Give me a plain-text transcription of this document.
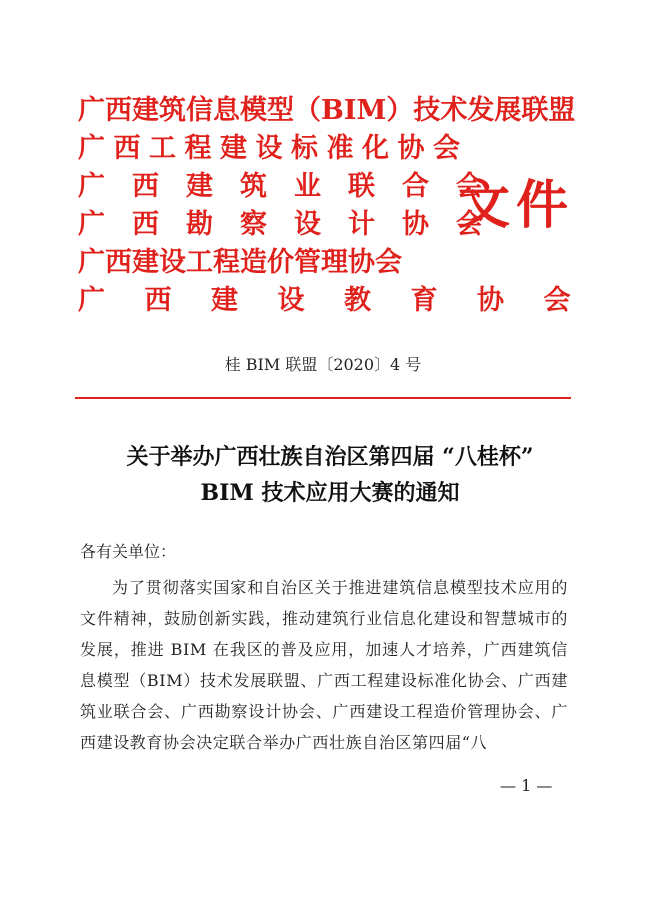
广西建筑信息模型（BIM）技术发展联盟
广西工程建设标准化协会
广西建筑业联合会
广西勘察设计协会
广西建设工程造价管理协会
广西建设教育协会
文件
桂 BIM 联盟〔2020〕4 号
关于举办广西壮族自治区第四届 “八桂杯”
BIM 技术应用大赛的通知

各有关单位：

为了贯彻落实国家和自治区关于推进建筑信息模型技术应用的文件精神，鼓励创新实践，推动建筑行业信息化建设和智慧城市的发展，推进 BIM 在我区的普及应用，加速人才培养，广西建筑信息模型（BIM）技术发展联盟、广西工程建设标准化协会、广西建筑业联合会、广西勘察设计协会、广西建设工程造价管理协会、广西建设教育协会决定联合举办广西壮族自治区第四届“八

— 1 —
